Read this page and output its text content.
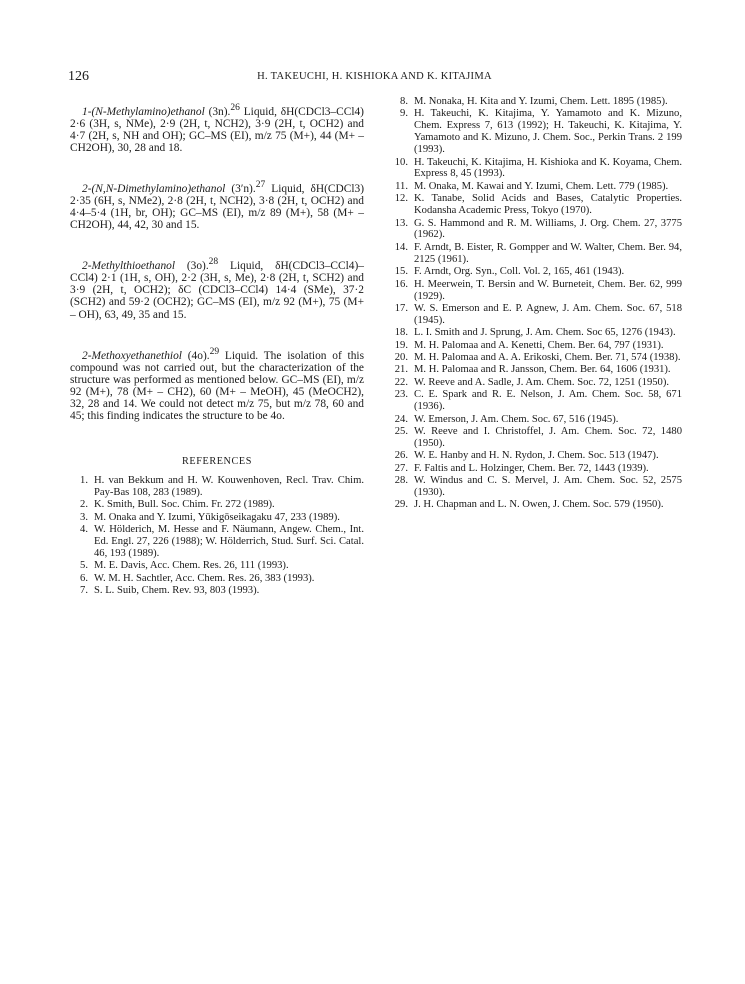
126	H. TAKEUCHI, H. KISHIOKA AND K. KITAJIMA

1-(N-Methylamino)ethanol (3n).$^{26}$ Liquid, δH(CDCl3–CCl4) 2·6 (3H, s, NMe), 2·9 (2H, t, NCH2), 3·9 (2H, t, OCH2) and 4·7 (2H, s, NH and OH); GC–MS (EI), m/z 75 (M+), 44 (M+ – CH2OH), 30, 28 and 18.

2-(N,N-Dimethylamino)ethanol (3′n).$^{27}$ Liquid, δH(CDCl3) 2·35 (6H, s, NMe2), 2·8 (2H, t, NCH2), 3·8 (2H, t, OCH2) and 4·4–5·4 (1H, br, OH); GC–MS (EI), m/z 89 (M+), 58 (M+ – CH2OH), 44, 42, 30 and 15.

2-Methylthioethanol (3o).$^{28}$ Liquid, δH(CDCl3–CCl4)–CCl4) 2·1 (1H, s, OH), 2·2 (3H, s, Me), 2·8 (2H, t, SCH2) and 3·9 (2H, t, OCH2); δC (CDCl3–CCl4) 14·4 (SMe), 37·2 (SCH2) and 59·2 (OCH2); GC–MS (EI), m/z 92 (M+), 75 (M+ – OH), 63, 49, 35 and 15.

2-Methoxyethanethiol (4o).$^{29}$ Liquid. The isolation of this compound was not carried out, but the characterization of the structure was performed as mentioned below. GC–MS (EI), m/z 92 (M+), 78 (M+ – CH2), 60 (M+ – MeOH), 45 (MeOCH2), 32, 28 and 14. We could not detect m/z 75, but m/z 78, 60 and 45; this finding indicates the structure to be 4o.

REFERENCES
1. H. van Bekkum and H. W. Kouwenhoven, Recl. Trav. Chim. Pay-Bas 108, 283 (1989).
2. K. Smith, Bull. Soc. Chim. Fr. 272 (1989).
3. M. Onaka and Y. Izumi, Yūkigōseikagaku 47, 233 (1989).
4. W. Hölderich, M. Hesse and F. Näumann, Angew. Chem., Int. Ed. Engl. 27, 226 (1988); W. Hölderrich, Stud. Surf. Sci. Catal. 46, 193 (1989).
5. M. E. Davis, Acc. Chem. Res. 26, 111 (1993).
6. W. M. H. Sachtler, Acc. Chem. Res. 26, 383 (1993).
7. S. L. Suib, Chem. Rev. 93, 803 (1993).
8. M. Nonaka, H. Kita and Y. Izumi, Chem. Lett. 1895 (1985).
9. H. Takeuchi, K. Kitajima, Y. Yamamoto and K. Mizuno, Chem. Express 7, 613 (1992); H. Takeuchi, K. Kitajima, Y. Yamamoto and K. Mizuno, J. Chem. Soc., Perkin Trans. 2 199 (1993).
10. H. Takeuchi, K. Kitajima, H. Kishioka and K. Koyama, Chem. Express 8, 45 (1993).
11. M. Onaka, M. Kawai and Y. Izumi, Chem. Lett. 779 (1985).
12. K. Tanabe, Solid Acids and Bases, Catalytic Properties. Kodansha Academic Press, Tokyo (1970).
13. G. S. Hammond and R. M. Williams, J. Org. Chem. 27, 3775 (1962).
14. F. Arndt, B. Eister, R. Gompper and W. Walter, Chem. Ber. 94, 2125 (1961).
15. F. Arndt, Org. Syn., Coll. Vol. 2, 165, 461 (1943).
16. H. Meerwein, T. Bersin and W. Burneteit, Chem. Ber. 62, 999 (1929).
17. W. S. Emerson and E. P. Agnew, J. Am. Chem. Soc. 67, 518 (1945).
18. L. I. Smith and J. Sprung, J. Am. Chem. Soc 65, 1276 (1943).
19. M. H. Palomaa and A. Kenetti, Chem. Ber. 64, 797 (1931).
20. M. H. Palomaa and A. A. Erikoski, Chem. Ber. 71, 574 (1938).
21. M. H. Palomaa and R. Jansson, Chem. Ber. 64, 1606 (1931).
22. W. Reeve and A. Sadle, J. Am. Chem. Soc. 72, 1251 (1950).
23. C. E. Spark and R. E. Nelson, J. Am. Chem. Soc. 58, 671 (1936).
24. W. Emerson, J. Am. Chem. Soc. 67, 516 (1945).
25. W. Reeve and I. Christoffel, J. Am. Chem. Soc. 72, 1480 (1950).
26. W. E. Hanby and H. N. Rydon, J. Chem. Soc. 513 (1947).
27. F. Faltis and L. Holzinger, Chem. Ber. 72, 1443 (1939).
28. W. Windus and C. S. Mervel, J. Am. Chem. Soc. 52, 2575 (1930).
29. J. H. Chapman and L. N. Owen, J. Chem. Soc. 579 (1950).
